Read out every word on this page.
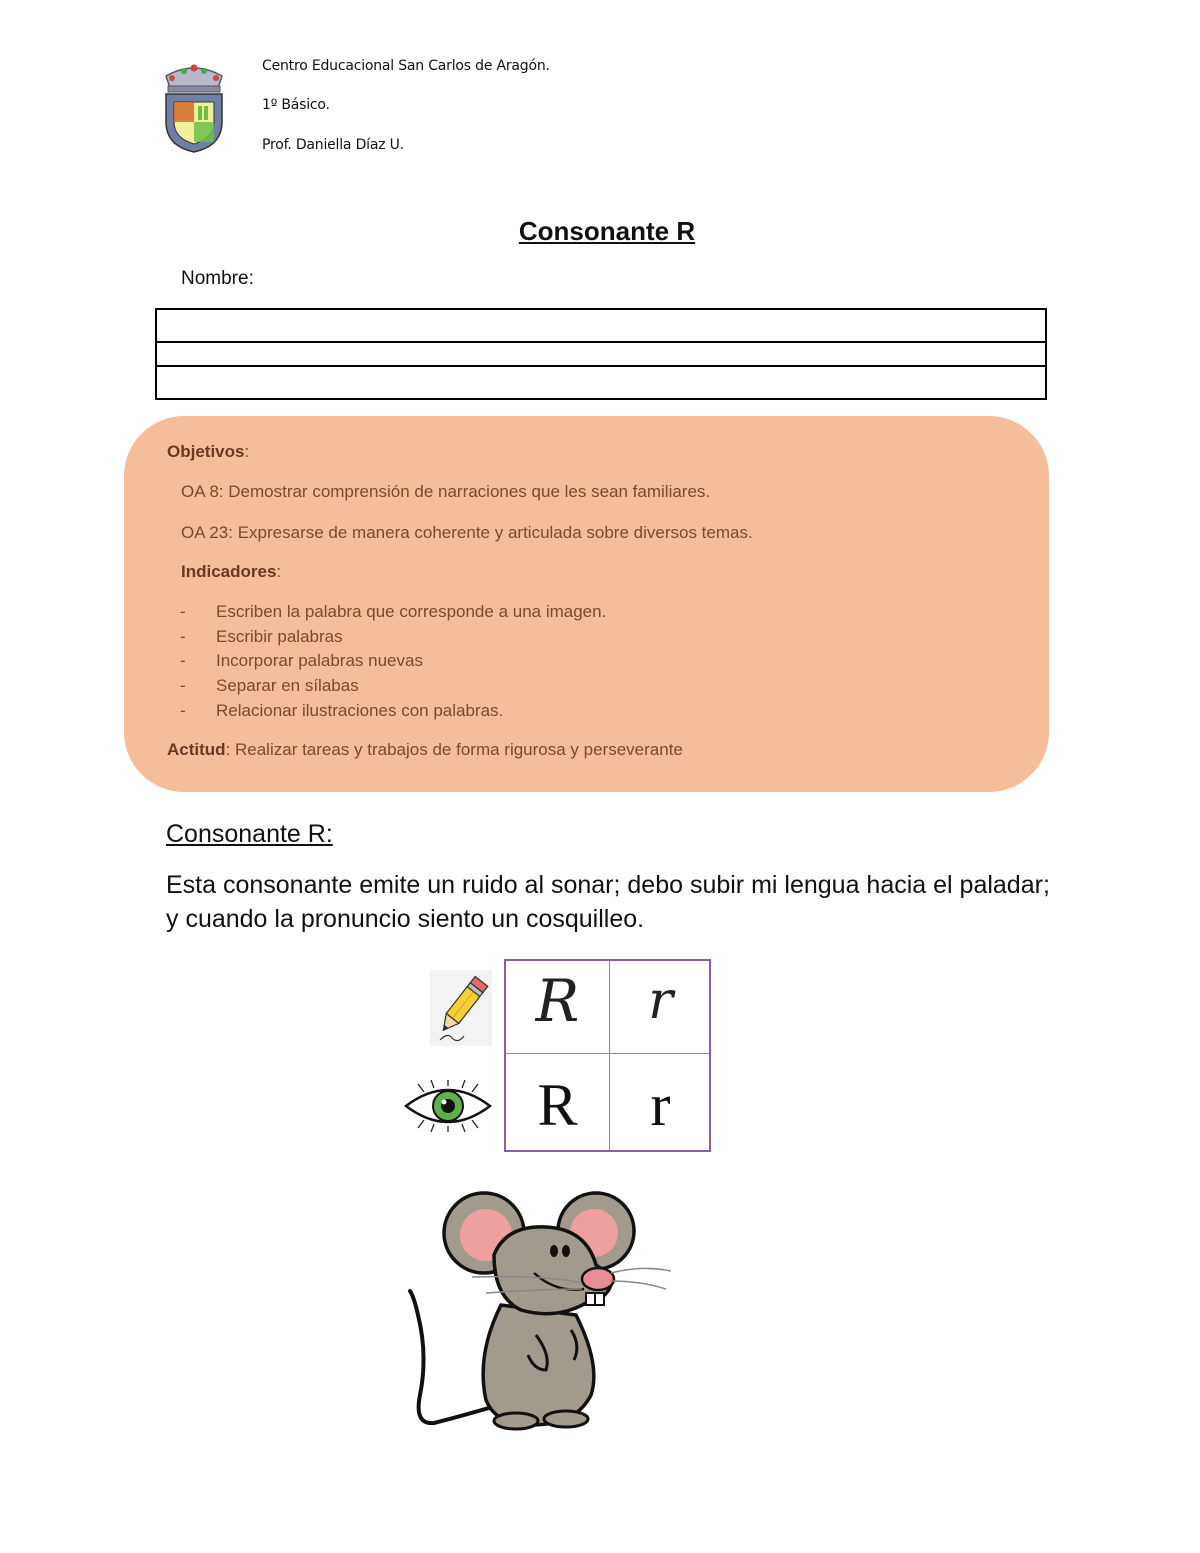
Centro Educacional San Carlos de Aragón.
1º Básico.
Prof. Daniella Díaz U.
Consonante R
Nombre:
Objetivos:
OA 8: Demostrar comprensión de narraciones que les sean familiares.
OA 23: Expresarse de manera coherente y articulada sobre diversos temas.
Indicadores:
- Escriben la palabra que corresponde a una imagen.
- Escribir palabras
- Incorporar palabras nuevas
- Separar en sílabas
- Relacionar ilustraciones con palabras.
Actitud: Realizar tareas y trabajos de forma rigurosa y perseverante
Consonante R:
Esta consonante emite un ruido al sonar; debo subir mi lengua hacia el paladar; y cuando la pronuncio siento un cosquilleo.
R	r
R	r
